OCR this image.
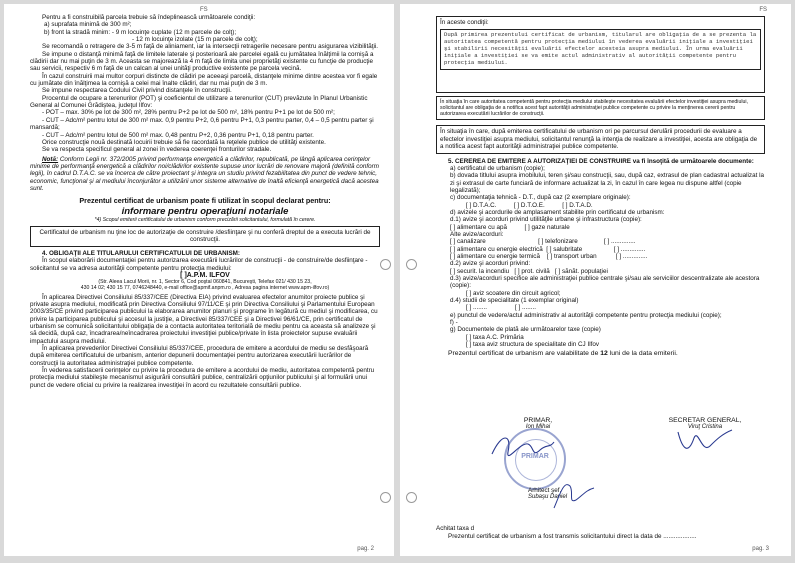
FS

Pentru a fi construibilă parcela trebuie să îndeplinească următoarele condiţii:

a) suprafata minimă de 300 m²;

b) front la stradă minim: - 9 m locuinţe cuplate (12 m parcele de colţ);

- 12 m locuinţe izolate (15 m parcele de colţ);

Se recomandă o retragere de 3-5 m faţă de aliniament, iar la intersecţii retragerile necesare pentru asigurarea vizibilităţii.

Se impune o distanţă minimă faţă de limitele laterale şi posterioară ale parcelei egală cu jumătatea înălţimii la cornişă a clădirii dar nu mai puţin de 3 m. Aceasta se majorează la 4 m faţă de limita unei proprietăţi existente cu funcţie de producţie sau servicii, respectiv 6 m faţă de un calcan al unei unităţi productive existente pe parcela vecină.

În cazul construirii mai multor corpuri distincte de clădiri pe aceeaşi parcelă, distanţele minime dintre acestea vor fi egale cu jumătate din înălţimea la cornişă a celei mai înalte clădiri, dar nu mai puţin de 3 m.

Se impune respectarea Codului Civil privind distanţele în construcţii.

Procentul de ocupare a terenurilor (POT) şi coeficientul de utilizare a terenurilor (CUT) prevăzute în Planul Urbanistic General al Comunei Grădiştea, judeţul Ilfov:

- POT – max. 30% pe lot de 300 m², 28% pentru P+2 pe lot de 500 m², 18% pentru P+1 pe lot de 500 m²;

- CUT – Adc/m² pentru lotul de 300 m² max. 0,9 pentru P+2, 0,6 pentru P+1, 0,3 pentru parter, 0,4 – 0,5 pentru parter şi mansardă;

- CUT – Adc/m² pentru lotul de 500 m² max. 0,48 pentru P+2, 0,36 pentru P+1, 0,18 pentru parter.

Orice construcţie nouă destinată locuirii trebuie să fie racordată la reţelele publice de utilităţi existente.

Se va respecta specificul general al zonei în vederea coerenţei fronturilor stradale.

Notă: Conform Legii nr. 372/2005 privind performanţa energetică a clădirilor, republicată, pe lângă aplicarea cerinţelor minime de performanţă energetică a clădirilor noi/clădirilor existente supuse unor lucrări de renovare majoră (definită conform legii), în cadrul D.T.A.C. se va încerca de către proiectant şi integra un studiu privind fezabilitatea din punct de vedere tehnic, economic, funcţional şi al mediului înconjurător a utilizării unor sisteme alternative de înaltă eficienţă energetică dacă acestea sunt.

Prezentul certificat de urbanism poate fi utilizat în scopul declarat pentru:

informare pentru operaţiuni notariale

*4) Scopul emiterii certificatului de urbanism conform precizării solicitantului, formulată în cerere.

Certificatul de urbanism nu ţine loc de autorizaţie de construire /desfiinţare şi nu conferă dreptul de a executa lucrări de construcţii.

4. OBLIGAŢII ALE TITULARULUI CERTIFICATULUI DE URBANISM:

În scopul elaborării documentaţiei pentru autorizarea executării lucrărilor de construcţii - de construire/de desfiinţare - solicitantul se va adresa autorităţii competente pentru protecţia mediului:

[ ]A.P.M. ILFOV

(Str. Aleea Lacul Morii, nr. 1, Sector 6, Cod poştal 060841, Bucureşti, Telefax 021/ 430 15 23,

430 14 02; 430 15 77, 0746248440, e-mail office@apmif.anpm.ro , Adresa pagina internet www.apm-ilfov.ro)

În aplicarea Directivei Consiliului 85/337/CEE (Directiva EIA) privind evaluarea efectelor anumitor proiecte publice şi private asupra mediului, modificată prin Directiva Consiliului 97/11/CE şi prin Directiva Consiliului şi Parlamentului European 2003/35/CE privind participarea publicului la elaborarea anumitor planuri şi programe în legătură cu mediul şi modificarea, cu privire la participarea publicului şi accesul la justiţie, a Directivei 85/337/CEE şi a Directivei 96/61/CE, prin certificatul de urbanism se comunică solicitantului obligaţia de a contacta autoritatea teritorială de mediu pentru ca aceasta să analizeze şi să decidă, după caz, încadrarea/neîncadrarea proiectului investiţiei publice/private în lista proiectelor supuse evaluării impactului asupra mediului.

În aplicarea prevederilor Directivei Consiliului 85/337/CEE, procedura de emitere a acordului de mediu se desfăşoară după emiterea certificatului de urbanism, anterior depunerii documentaţiei pentru autorizarea executării lucrărilor de construcţii la autoritatea administraţiei publice competente.

În vederea satisfacerii cerinţelor cu privire la procedura de emitere a acordului de mediu, autoritatea competentă pentru protecţia mediului stabileşte mecanismul asigurării consultării publice, centralizării opţiunilor publicului şi al formulării unui punct de vedere oficial cu privire la realizarea investiţiei în acord cu rezultatele consultării publice.

pag. 2
FS

În aceste condiţii:

După primirea prezentului certificat de urbanism, titularul are obligaţia de a se prezenta la autoritatea competentă pentru protecţia mediului în vederea evaluării iniţiale a investiţiei şi stabilirii necesităţii evaluării efectelor acesteia asupra mediului. În urma evaluării iniţiale a investiţiei se va emite actul administrativ al autorităţii competente pentru protecţia mediului.
În situaţia în care autoritatea competentă pentru protecţia mediului stabileşte necesitatea evaluării efectelor investiţiei asupra mediului, solicitantul are obligaţia de a notifica acest fapt autorităţii administraţiei publice competente cu privire la menţinerea cererii pentru autorizarea executării lucrărilor de construcţii.
În situaţia în care, după emiterea certificatului de urbanism ori pe parcursul derulării procedurii de evaluare a efectelor investiţiei asupra mediului, solicitantul renunţă la intenţia de realizare a investiţiei, acesta are obligaţia de a notifica acest fapt autorităţii administraţiei publice competente.

5. CEREREA DE EMITERE A AUTORIZAŢIEI DE CONSTRUIRE va fi însoţită de următoarele documente:

a) certificatul de urbanism (copie);

b) dovada titlului asupra imobilului, teren şi/sau construcţii, sau, după caz, extrasul de plan cadastral actualizat la zi şi extrasul de carte funciară de informare actualizat la zi, în cazul în care legea nu dispune altfel (copie legalizată);

c) documentaţia tehnică - D.T., după caz (2 exemplare originale):

[ ] D.T.A.C.          [ ] D.T.O.E.          [ ] D.T.A.D.

d) avizele şi acordurile de amplasament stabilite prin certificatul de urbanism:

d.1) avize şi acorduri privind utilităţile urbane şi infrastructura (copie):

[ ] alimentare cu apă          [ ] gaze naturale

Alte avize/acorduri:

[ ] canalizare                              [ ] telefonizare               [ ] ..............

[ ] alimentare cu energie electrică  [ ] salubritate                  [ ] ..............

[ ] alimentare cu energie termică    [ ] transport urban           [ ] ..............

d.2) avize şi acorduri privind:

[ ] securit. la incendiu   [ ] prot. civilă   [ ] sănăt. populaţiei

d.3) avize/acorduri specifice ale administraţiei publice centrale şi/sau ale serviciilor descentralizate ale acestora (copie):

[ ] aviz scoatere din circuit agricol;

d.4) studii de specialitate (1 exemplar original)

[ ] ........                [ ] ........

e) punctul de vedere/actul administrativ al autorităţii competente pentru protecţia mediului (copie);

f) -

g) Documentele de plată ale următoarelor taxe (copie)

[ ] taxa A.C. Primăria

[ ] taxa aviz structura de specialitate din CJ Ilfov

Prezentul certificat de urbanism are valabilitate de 12 luni de la data emiterii.

PRIMAR,
Ion Mihai
PRIMAR
SECRETAR GENERAL,
Viruţ Cristina
Arhitect şef,
Subaşu Daniel
Achitat taxa d
Prezentul certificat de urbanism a fost transmis solicitantului direct la data de ...................
pag. 3
